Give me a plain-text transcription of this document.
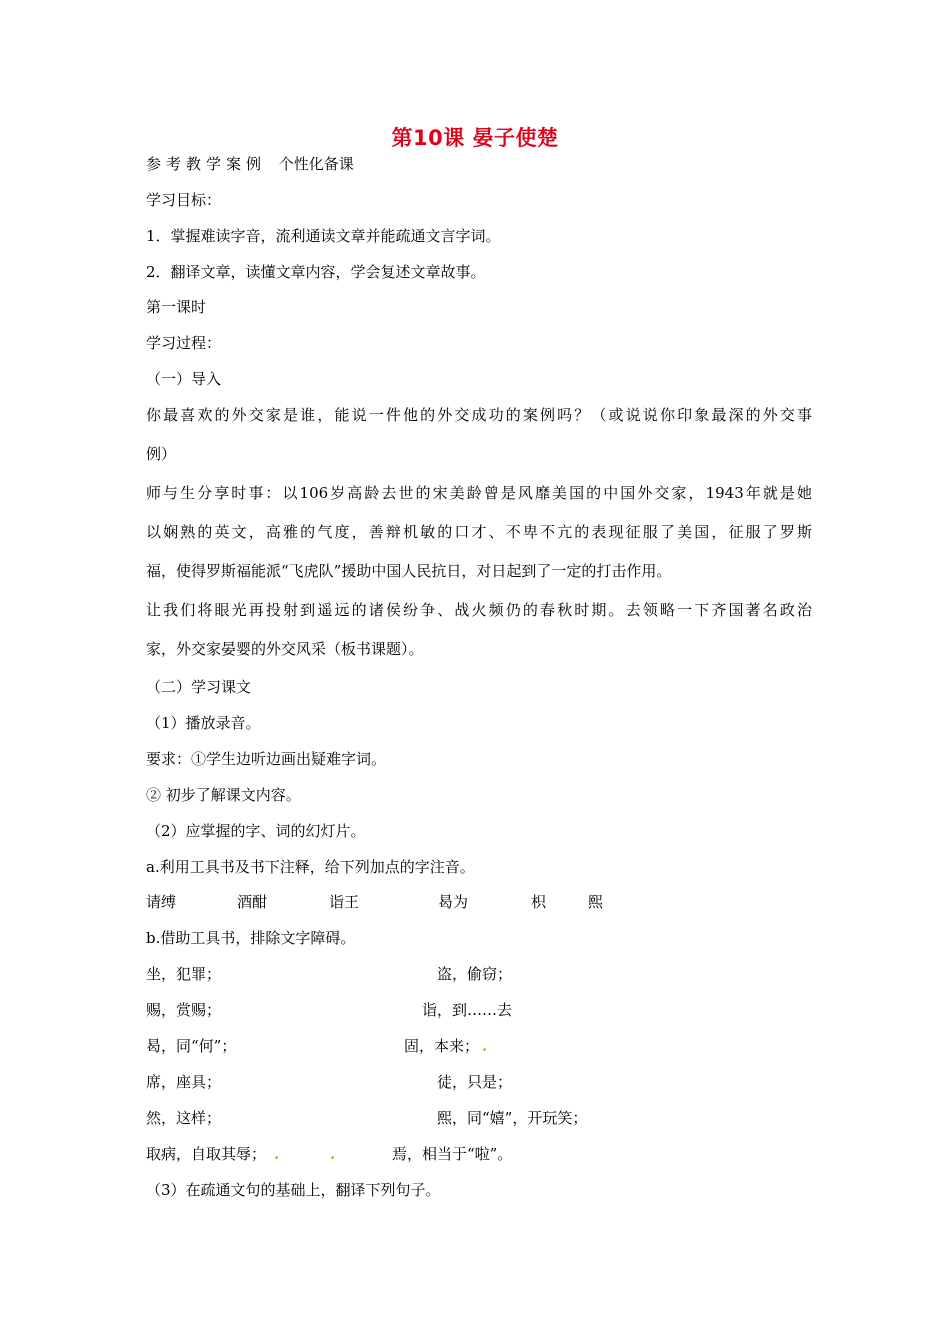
第10课 晏子使楚
参考教学案例 个性化备课
学习目标：
1．掌握难读字音，流利通读文章并能疏通文言字词。
2．翻译文章，读懂文章内容，学会复述文章故事。
第一课时
学习过程：
（一）导入
你最喜欢的外交家是谁，能说一件他的外交成功的案例吗？（或说说你印象最深的外交事
例）
师与生分享时事：以106岁高龄去世的宋美龄曾是风靡美国的中国外交家，1943年就是她
以娴熟的英文，高雅的气度，善辩机敏的口才、不卑不亢的表现征服了美国，征服了罗斯
福，使得罗斯福能派“飞虎队”援助中国人民抗日，对日起到了一定的打击作用。
让我们将眼光再投射到遥远的诸侯纷争、战火频仍的春秋时期。去领略一下齐国著名政治
家，外交家晏婴的外交风采（板书课题）。
（二）学习课文
（1）播放录音。
要求：①学生边听边画出疑难字词。
② 初步了解课文内容。
（2）应掌握的字、词的幻灯片。
a.利用工具书及书下注释，给下列加点的字注音。
请缚	酒酣	诣王	曷为	枳	熙
b.借助工具书，排除文字障碍。
坐，犯罪；	盗，偷窃；
赐，赏赐；	诣，到……去
曷，同“何”；	固，本来； .
席，座具；	徒，只是；
然，这样；	熙，同“嬉”，开玩笑；
取病，自取其辱； .	.	焉，相当于“啦”。
（3）在疏通文句的基础上，翻译下列句子。
